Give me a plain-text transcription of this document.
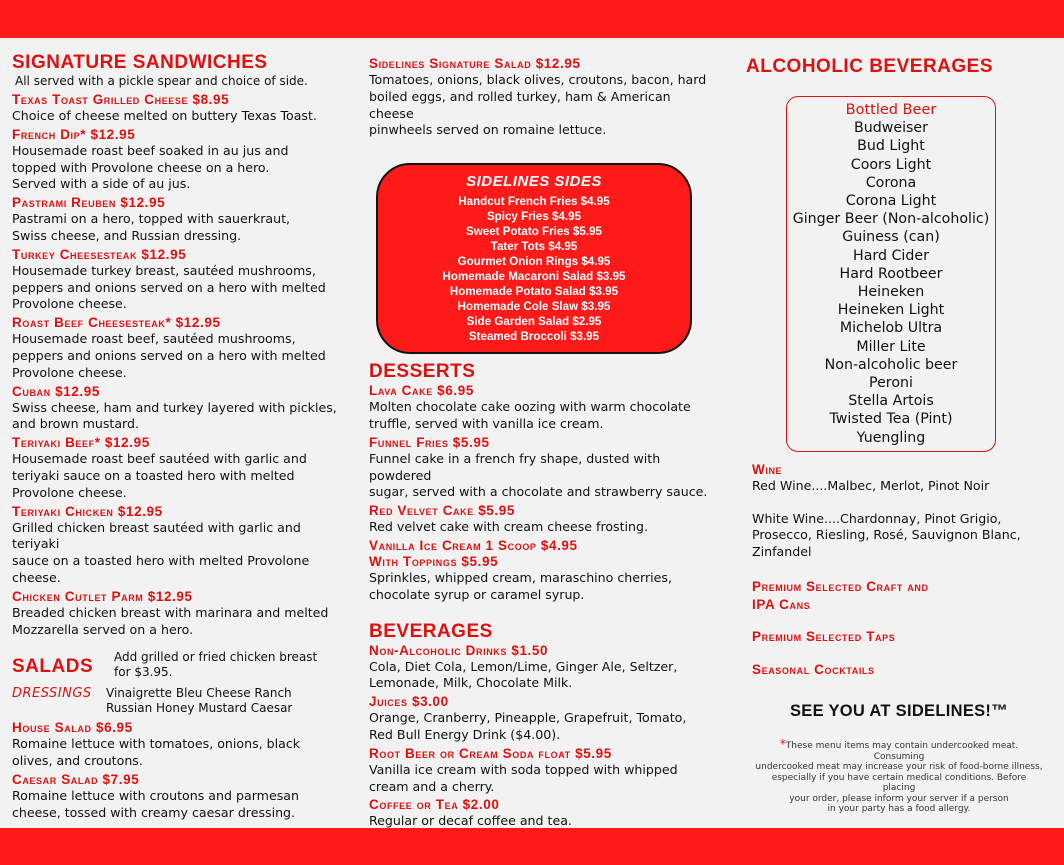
SIGNATURE SANDWICHES

All served with a pickle spear and choice of side.

Texas Toast Grilled Cheese $8.95
Choice of cheese melted on buttery Texas Toast.
French Dip* $12.95
Housemade roast beef soaked in au jus and
topped with Provolone cheese on a hero.
Served with a side of au jus.
Pastrami Reuben $12.95
Pastrami on a hero, topped with sauerkraut,
Swiss cheese, and Russian dressing.
Turkey Cheesesteak $12.95
Housemade turkey breast, sautéed mushrooms,
peppers and onions served on a hero with melted
Provolone cheese.
Roast Beef Cheesesteak* $12.95
Housemade roast beef, sautéed mushrooms,
peppers and onions served on a hero with melted
Provolone cheese.
Cuban $12.95
Swiss cheese, ham and turkey layered with pickles,
and brown mustard.
Teriyaki Beef* $12.95
Housemade roast beef sautéed with garlic and
teriyaki sauce on a toasted hero with melted
Provolone cheese.
Teriyaki Chicken $12.95
Grilled chicken breast sautéed with garlic and teriyaki
sauce on a toasted hero with melted Provolone cheese.
Chicken Cutlet Parm $12.95
Breaded chicken breast with marinara and melted
Mozzarella served on a hero.
SALADS	Add grilled or fried chicken breast
for $3.95.
DRESSINGS	Vinaigrette Bleu Cheese Ranch
Russian Honey Mustard Caesar
House Salad $6.95
Romaine lettuce with tomatoes, onions, black
olives, and croutons.
Caesar Salad $7.95
Romaine lettuce with croutons and parmesan
cheese, tossed with creamy caesar dressing.
Sidelines Signature Salad $12.95
Tomatoes, onions, black olives, croutons, bacon, hard
boiled eggs, and rolled turkey, ham & American cheese
pinwheels served on romaine lettuce.
SIDELINES SIDES
Handcut French Fries $4.95
Spicy Fries $4.95
Sweet Potato Fries $5.95
Tater Tots $4.95
Gourmet Onion Rings $4.95
Homemade Macaroni Salad $3.95
Homemade Potato Salad $3.95
Homemade Cole Slaw $3.95
Side Garden Salad $2.95
Steamed Broccoli $3.95
DESSERTS
Lava Cake $6.95
Molten chocolate cake oozing with warm chocolate
truffle, served with vanilla ice cream.
Funnel Fries $5.95
Funnel cake in a french fry shape, dusted with powdered
sugar, served with a chocolate and strawberry sauce.
Red Velvet Cake $5.95
Red velvet cake with cream cheese frosting.
Vanilla Ice Cream 1 Scoop $4.95
With Toppings $5.95
Sprinkles, whipped cream, maraschino cherries,
chocolate syrup or caramel syrup.
BEVERAGES
Non-Alcoholic Drinks $1.50
Cola, Diet Cola, Lemon/Lime, Ginger Ale, Seltzer,
Lemonade, Milk, Chocolate Milk.
Juices $3.00
Orange, Cranberry, Pineapple, Grapefruit, Tomato,
Red Bull Energy Drink ($4.00).
Root Beer or Cream Soda float $5.95
Vanilla ice cream with soda topped with whipped
cream and a cherry.
Coffee or Tea $2.00
Regular or decaf coffee and tea.
ALCOHOLIC BEVERAGES
Bottled Beer
Budweiser
Bud Light
Coors Light
Corona
Corona Light
Ginger Beer (Non-alcoholic)
Guiness (can)
Hard Cider
Hard Rootbeer
Heineken
Heineken Light
Michelob Ultra
Miller Lite
Non-alcoholic beer
Peroni
Stella Artois
Twisted Tea (Pint)
Yuengling
Wine
Red Wine....Malbec, Merlot, Pinot Noir
White Wine....Chardonnay, Pinot Grigio,
Prosecco, Riesling, Rosé, Sauvignon Blanc,
Zinfandel
Premium Selected Craft and
IPA Cans
Premium Selected Taps
Seasonal Cocktails

SEE YOU AT SIDELINES!™

*These menu items may contain undercooked meat. Consuming

undercooked meat may increase your risk of food-borne illness,

especially if you have certain medical conditions. Before placing

your order, please inform your server if a person

in your party has a food allergy.
